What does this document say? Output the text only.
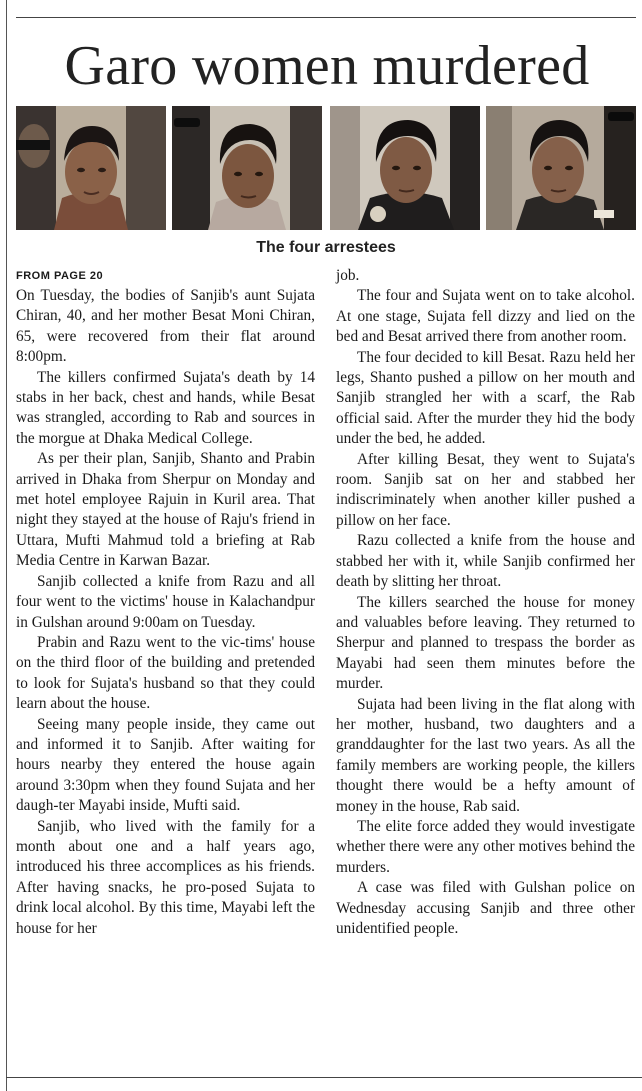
Garo women murdered
The four arrestees
FROM PAGE 20

On Tuesday, the bodies of Sanjib's aunt Sujata Chiran, 40, and her mother Besat Moni Chiran, 65, were recovered from their flat around 8:00pm.

The killers confirmed Sujata's death by 14 stabs in her back, chest and hands, while Besat was strangled, according to Rab and sources in the morgue at Dhaka Medical College.

As per their plan, Sanjib, Shanto and Prabin arrived in Dhaka from Sherpur on Monday and met hotel employee Rajuin in Kuril area. That night they stayed at the house of Raju's friend in Uttara, Mufti Mahmud told a briefing at Rab Media Centre in Karwan Bazar.

Sanjib collected a knife from Razu and all four went to the victims' house in Kalachandpur in Gulshan around 9:00am on Tuesday.

Prabin and Razu went to the vic-tims' house on the third floor of the building and pretended to look for Sujata's husband so that they could learn about the house.

Seeing many people inside, they came out and informed it to Sanjib. After waiting for hours nearby they entered the house again around 3:30pm when they found Sujata and her daugh-ter Mayabi inside, Mufti said.

Sanjib, who lived with the family for a month about one and a half years ago, introduced his three accomplices as his friends. After having snacks, he pro-posed Sujata to drink local alcohol. By this time, Mayabi left the house for her

job.

The four and Sujata went on to take alcohol. At one stage, Sujata fell dizzy and lied on the bed and Besat arrived there from another room.

The four decided to kill Besat. Razu held her legs, Shanto pushed a pillow on her mouth and Sanjib strangled her with a scarf, the Rab official said. After the murder they hid the body under the bed, he added.

After killing Besat, they went to Sujata's room. Sanjib sat on her and stabbed her indiscriminately when another killer pushed a pillow on her face.

Razu collected a knife from the house and stabbed her with it, while Sanjib confirmed her death by slitting her throat.

The killers searched the house for money and valuables before leaving. They returned to Sherpur and planned to trespass the border as Mayabi had seen them minutes before the murder.

Sujata had been living in the flat along with her mother, husband, two daughters and a granddaughter for the last two years. As all the family members are working people, the killers thought there would be a hefty amount of money in the house, Rab said.

The elite force added they would investigate whether there were any other motives behind the murders.

A case was filed with Gulshan police on Wednesday accusing Sanjib and three other unidentified people.
